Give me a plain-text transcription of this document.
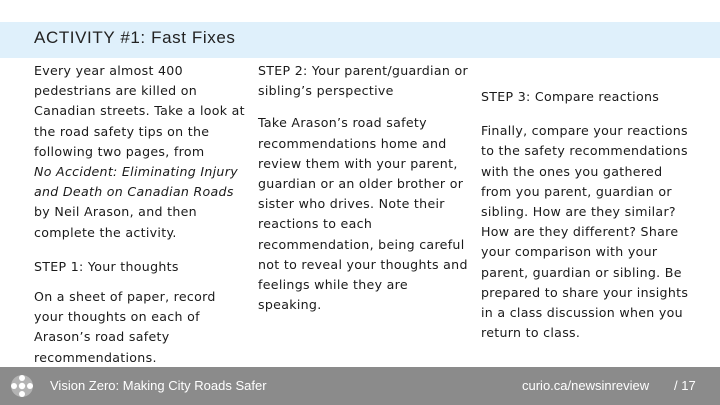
ACTIVITY #1: Fast Fixes

Every year almost 400 pedestrians are killed on Canadian streets. Take a look at the road safety tips on the following two pages, from
No Accident: Eliminating Injury and Death on Canadian Roads by Neil Arason, and then complete the activity.

STEP 1: Your thoughts

On a sheet of paper, record your thoughts on each of Arason’s road safety recommendations.

STEP 2: Your parent/guardian or sibling’s perspective

Take Arason’s road safety recommendations home and review them with your parent, guardian or an older brother or sister who drives. Note their reactions to each recommendation, being careful not to reveal your thoughts and feelings while they are speaking.

STEP 3: Compare reactions

Finally, compare your reactions to the safety recommendations with the ones you gathered from you parent, guardian or sibling. How are they similar? How are they different? Share your comparison with your parent, guardian or sibling. Be prepared to share your insights in a class discussion when you return to class.

Vision Zero: Making City Roads Safer	curio.ca/newsinreview / 17
